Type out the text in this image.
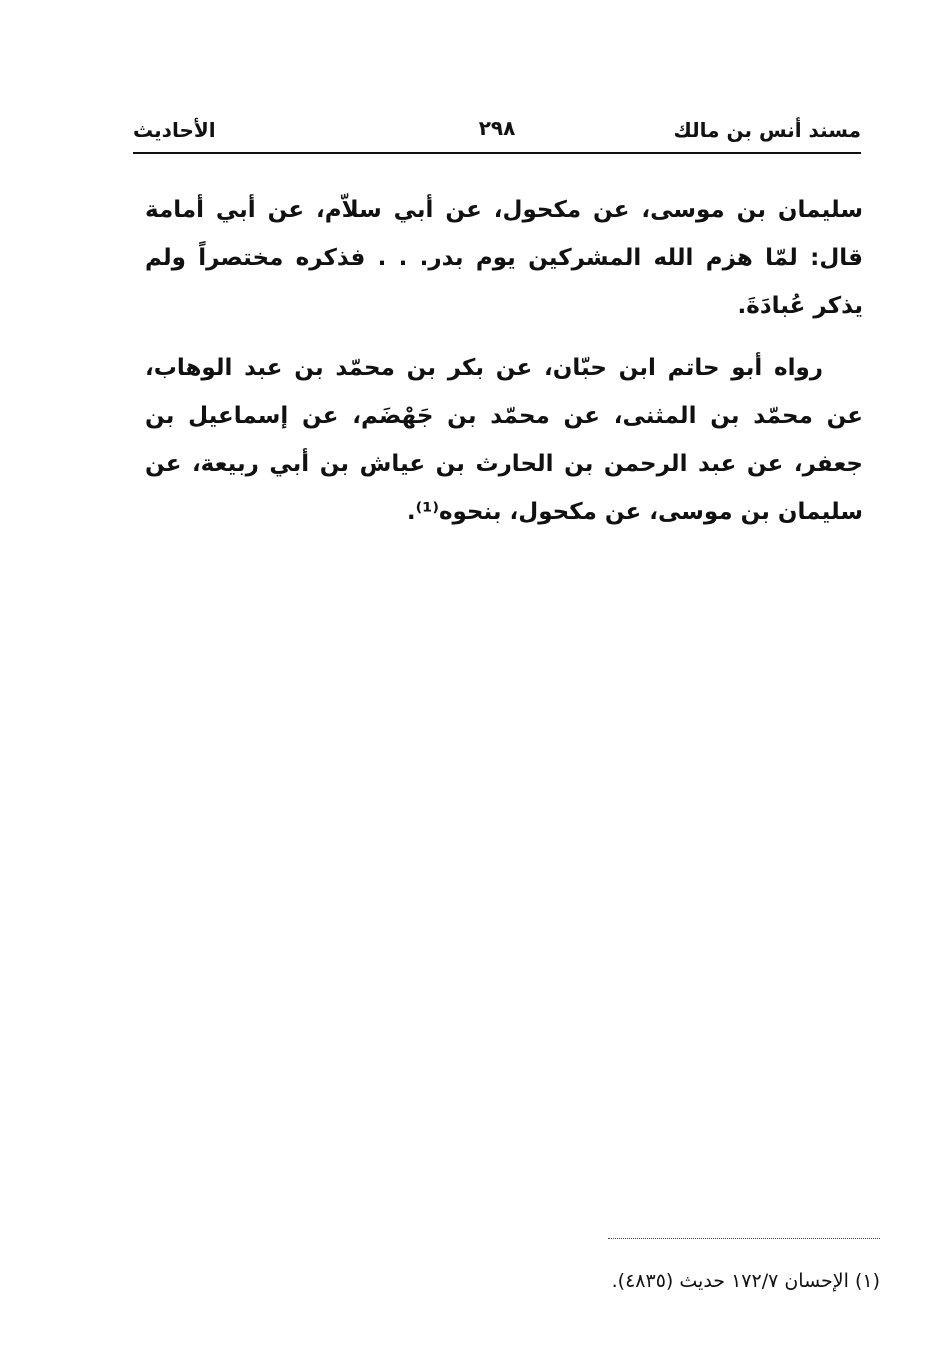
مسند أنس بن مالك
٢٩٨
الأحاديث

سليمان بن موسى، عن مكحول، عن أبي سلاّم، عن أبي أمامة قال: لمّا هزم الله المشركين يوم بدر. . . فذكره مختصراً ولم يذكر عُبادَةَ.

رواه أبو حاتم ابن حبّان، عن بكر بن محمّد بن عبد الوهاب، عن محمّد بن المثنى، عن محمّد بن جَهْضَم، عن إسماعيل بن جعفر، عن عبد الرحمن بن الحارث بن عياش بن أبي ربيعة، عن سليمان بن موسى، عن مكحول، بنحوه⁽¹⁾.

(١) الإحسان ١٧٢/٧ حديث (٤٨٣٥).
